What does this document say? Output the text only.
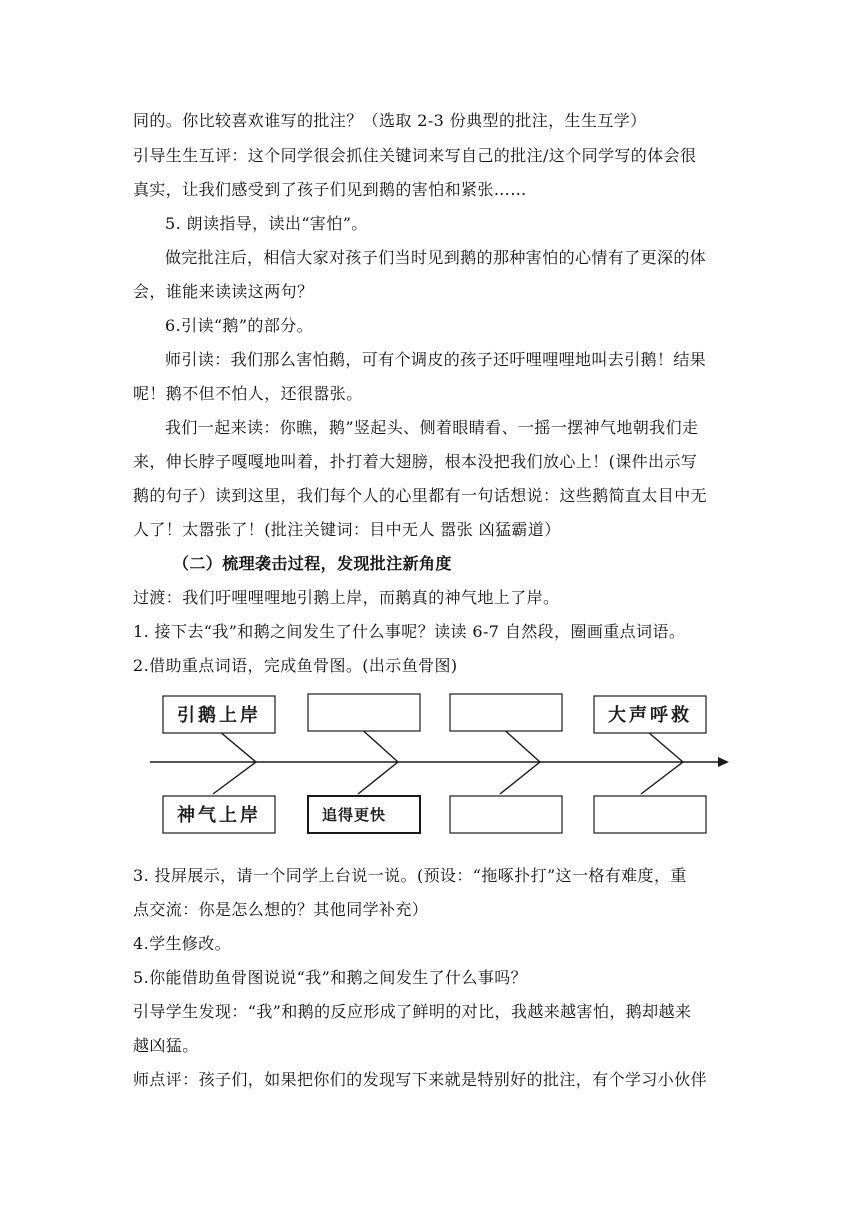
同的。你比较喜欢谁写的批注？（选取 2-3 份典型的批注，生生互学）
引导生生互评：这个同学很会抓住关键词来写自己的批注/这个同学写的体会很
真实，让我们感受到了孩子们见到鹅的害怕和紧张……
5. 朗读指导，读出“害怕”。
做完批注后，相信大家对孩子们当时见到鹅的那种害怕的心情有了更深的体
会，谁能来读读这两句？
6.引读“鹅”的部分。
师引读：我们那么害怕鹅，可有个调皮的孩子还吁哩哩哩地叫去引鹅！结果
呢！鹅不但不怕人，还很嚣张。
我们一起来读：你瞧，鹅”竖起头、侧着眼睛看、一摇一摆神气地朝我们走
来，伸长脖子嘎嘎地叫着，扑打着大翅膀，根本没把我们放心上！(课件出示写
鹅的句子）读到这里，我们每个人的心里都有一句话想说：这些鹅简直太目中无
人了！太嚣张了！(批注关键词：目中无人 嚣张 凶猛霸道）
（二）梳理袭击过程，发现批注新角度
过渡：我们吁哩哩哩地引鹅上岸，而鹅真的神气地上了岸。
1. 接下去“我”和鹅之间发生了什么事呢？读读 6-7 自然段，圈画重点词语。
2.借助重点词语，完成鱼骨图。(出示鱼骨图)
引鹅上岸	大声呼救
神气上岸	追得更快
3. 投屏展示，请一个同学上台说一说。(预设：“拖啄扑打”这一格有难度，重
点交流：你是怎么想的？其他同学补充）
4.学生修改。
5.你能借助鱼骨图说说“我”和鹅之间发生了什么事吗？
引导学生发现：“我”和鹅的反应形成了鲜明的对比，我越来越害怕，鹅却越来
越凶猛。
师点评：孩子们，如果把你们的发现写下来就是特别好的批注，有个学习小伙伴
